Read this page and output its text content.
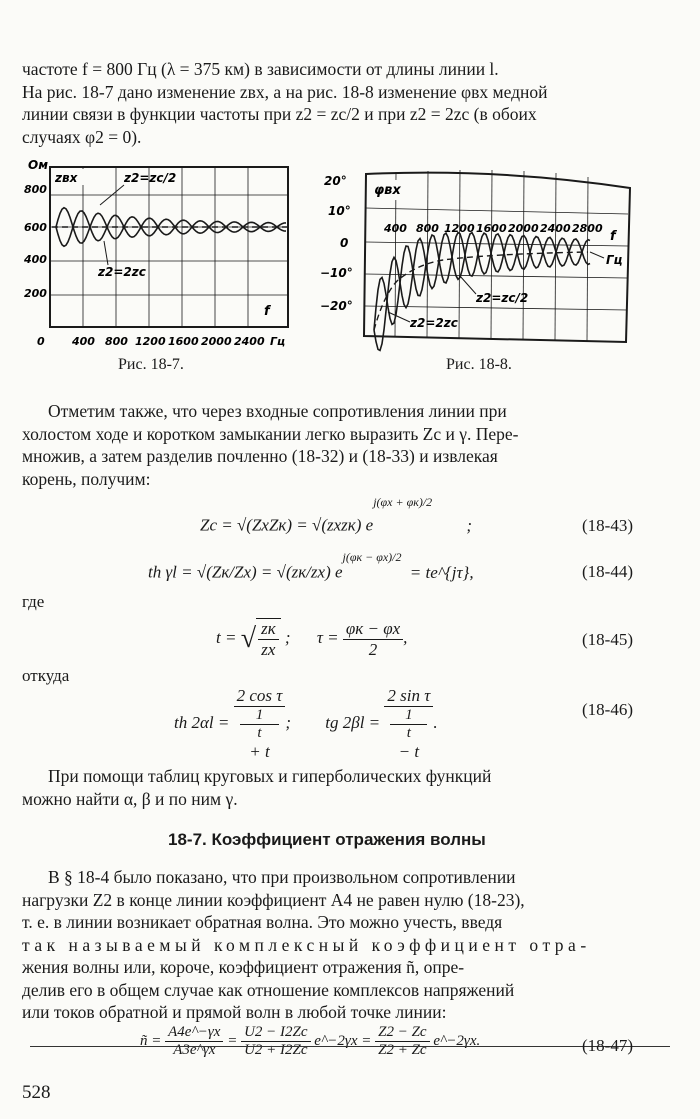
частоте f = 800 Гц (λ = 375 км) в зависимости от длины линии l.
На рис. 18-7 дано изменение zвх, а на рис. 18-8 изменение φвх медной
линии связи в функции частоты при z2 = zc/2 и при z2 = 2zc (в обоих
случаях φ2 = 0).
Ом
800
600
400
200
zвх	z2=zc/2
z2=2zc
f
0 400 800 1200 1600 2000 2400 Гц
Рис. 18-7.
20°
10°
0
−10°
−20°
φвх
400 800 1200 1600 2000 2400 2800
f
Гц
z2=zc/2
z2=2zc
Рис. 18-8.
Отметим также, что через входные сопротивления линии при
холостом ходе и коротком замыкании легко выразить Zc и γ. Пере-
множив, а затем разделив почленно (18-32) и (18-33) и извлекая
корень, получим:
Zc = √(ZxZк) = √(zxzк) $e^{j(\varphi x + \varphi к)/2}$ ;	(18-43)
th γl = √(Zк/Zx) = √(zк/zx) $e^{j(\varphi к - \varphi x)/2}$ = te^{jτ},	(18-44)
где
t = √ $\frac{zк}{zx}$ ; $\tau = \frac{\varphi к - \varphi x}{2}$ ,	(18-45)
откуда
th 2αl = 2 cos τ
1
t
+ t ; tg 2βl = 2 sin τ
1
t
− t .
(18-46)
При помощи таблиц круговых и гиперболических функций
можно найти α, β и по ним γ.
18-7. Коэффициент отражения волны
В § 18-4 было показано, что при произвольном сопротивлении
нагрузки Z2 в конце линии коэффициент A4 не равен нулю (18-23),
т. е. в линии возникает обратная волна. Это можно учесть, введя
так называемый комплексный коэффициент отра-
жения волны или, короче, коэффициент отражения ñ, опре-
делив его в общем случае как отношение комплексов напряжений
или токов обратной и прямой волн в любой точке линии:
ñ = $\frac{A4e\^{}-\gamma x}{A3e\^{}\gamma x} = \frac{U2 - I2Zc}{U2 + I2Zc}$ e^−2γx = $\frac{Z2 - Zc}{Z2 + Zc}$ e^−2γx.	(18-47)
528
